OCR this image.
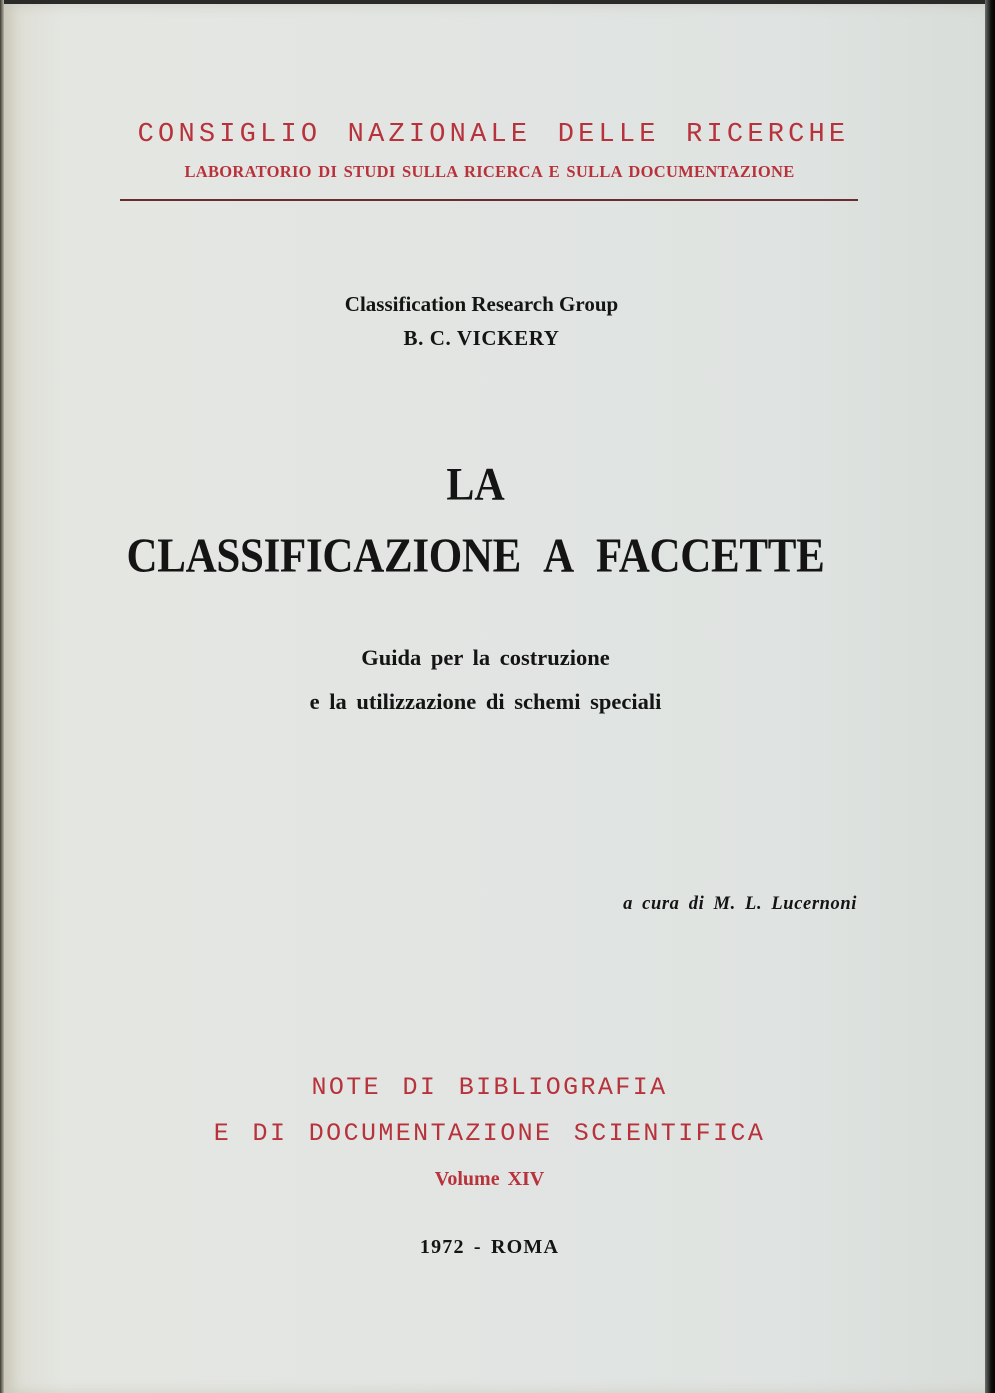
CONSIGLIO NAZIONALE DELLE RICERCHE
LABORATORIO DI STUDI SULLA RICERCA E SULLA DOCUMENTAZIONE
Classification Research Group
B. C. VICKERY
LA
CLASSIFICAZIONE A FACCETTE
Guida per la costruzione
e la utilizzazione di schemi speciali
a cura di M. L. Lucernoni
NOTE DI BIBLIOGRAFIA
E DI DOCUMENTAZIONE SCIENTIFICA
Volume XIV
1972 - ROMA
